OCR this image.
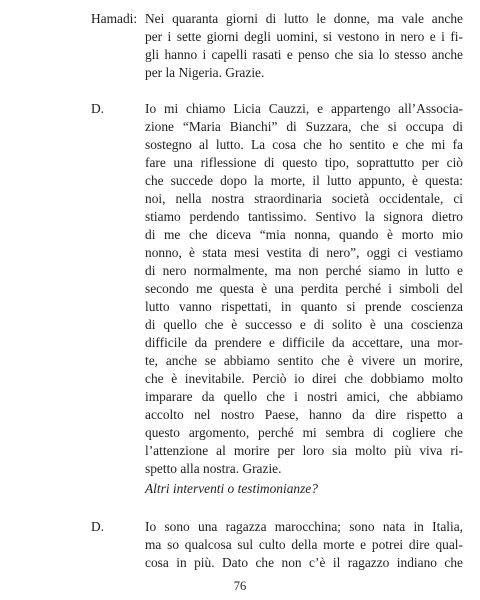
Hamadi: Nei quaranta giorni di lutto le donne, ma vale anche
per i sette giorni degli uomini, si vestono in nero e i fi-
gli hanno i capelli rasati e penso che sia lo stesso anche
per la Nigeria. Grazie.
D.	Io mi chiamo Licia Cauzzi, e appartengo all’Associa-
zione “Maria Bianchi” di Suzzara, che si occupa di
sostegno al lutto. La cosa che ho sentito e che mi fa
fare una riflessione di questo tipo, soprattutto per ciò
che succede dopo la morte, il lutto appunto, è questa:
noi, nella nostra straordinaria società occidentale, ci
stiamo perdendo tantissimo. Sentivo la signora dietro
di me che diceva “mia nonna, quando è morto mio
nonno, è stata mesi vestita di nero”, oggi ci vestiamo
di nero normalmente, ma non perché siamo in lutto e
secondo me questa è una perdita perché i simboli del
lutto vanno rispettati, in quanto si prende coscienza
di quello che è successo e di solito è una coscienza
difficile da prendere e difficile da accettare, una mor-
te, anche se abbiamo sentito che è vivere un morire,
che è inevitabile. Perciò io direi che dobbiamo molto
imparare da quello che i nostri amici, che abbiamo
accolto nel nostro Paese, hanno da dire rispetto a
questo argomento, perché mi sembra di cogliere che
l’attenzione al morire per loro sia molto più viva ri-
spetto alla nostra. Grazie.
Altri interventi o testimonianze?
D.	Io sono una ragazza marocchina; sono nata in Italia,
ma so qualcosa sul culto della morte e potrei dire qual-
cosa in più. Dato che non c’è il ragazzo indiano che
76
